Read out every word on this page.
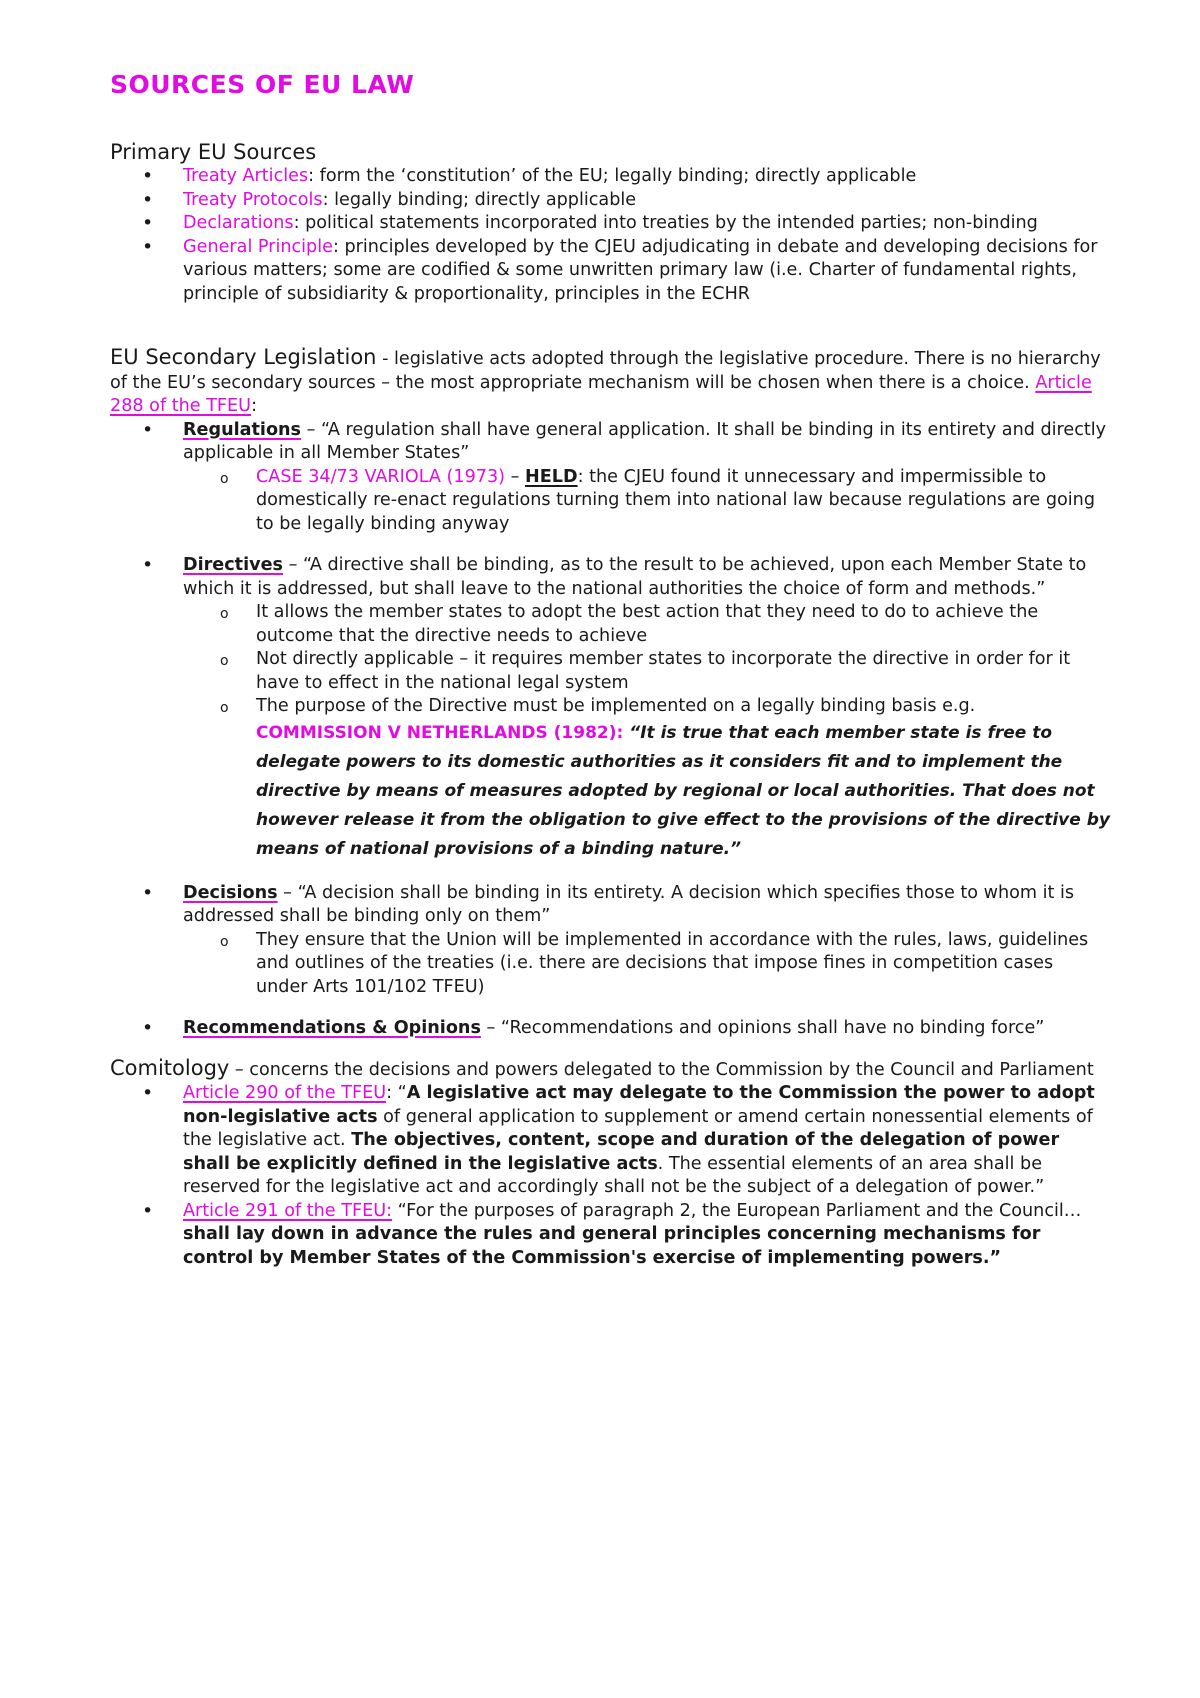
SOURCES OF EU LAW
Primary EU Sources
• Treaty Articles: form the ‘constitution’ of the EU; legally binding; directly applicable
• Treaty Protocols: legally binding; directly applicable
• Declarations: political statements incorporated into treaties by the intended parties; non-binding
• General Principle: principles developed by the CJEU adjudicating in debate and developing decisions for various matters; some are codified & some unwritten primary law (i.e. Charter of fundamental rights, principle of subsidiarity & proportionality, principles in the ECHR
EU Secondary Legislation - legislative acts adopted through the legislative procedure. There is no hierarchy of the EU’s secondary sources – the most appropriate mechanism will be chosen when there is a choice. Article 288 of the TFEU:
• Regulations – “A regulation shall have general application. It shall be binding in its entirety and directly applicable in all Member States”
o CASE 34/73 VARIOLA (1973) – HELD: the CJEU found it unnecessary and impermissible to domestically re-enact regulations turning them into national law because regulations are going to be legally binding anyway
• Directives – “A directive shall be binding, as to the result to be achieved, upon each Member State to which it is addressed, but shall leave to the national authorities the choice of form and methods.”
o It allows the member states to adopt the best action that they need to do to achieve the outcome that the directive needs to achieve
o Not directly applicable – it requires member states to incorporate the directive in order for it have to effect in the national legal system
o The purpose of the Directive must be implemented on a legally binding basis e.g.
COMMISSION V NETHERLANDS (1982): “It is true that each member state is free to delegate powers to its domestic authorities as it considers fit and to implement the directive by means of measures adopted by regional or local authorities. That does not however release it from the obligation to give effect to the provisions of the directive by means of national provisions of a binding nature.”
• Decisions – “A decision shall be binding in its entirety. A decision which specifies those to whom it is addressed shall be binding only on them”
o They ensure that the Union will be implemented in accordance with the rules, laws, guidelines and outlines of the treaties (i.e. there are decisions that impose fines in competition cases under Arts 101/102 TFEU)
• Recommendations & Opinions – “Recommendations and opinions shall have no binding force”
Comitology – concerns the decisions and powers delegated to the Commission by the Council and Parliament
• Article 290 of the TFEU: “A legislative act may delegate to the Commission the power to adopt non-legislative acts of general application to supplement or amend certain nonessential elements of the legislative act. The objectives, content, scope and duration of the delegation of power shall be explicitly defined in the legislative acts. The essential elements of an area shall be reserved for the legislative act and accordingly shall not be the subject of a delegation of power.”
• Article 291 of the TFEU: “For the purposes of paragraph 2, the European Parliament and the Council…shall lay down in advance the rules and general principles concerning mechanisms for control by Member States of the Commission's exercise of implementing powers.”
